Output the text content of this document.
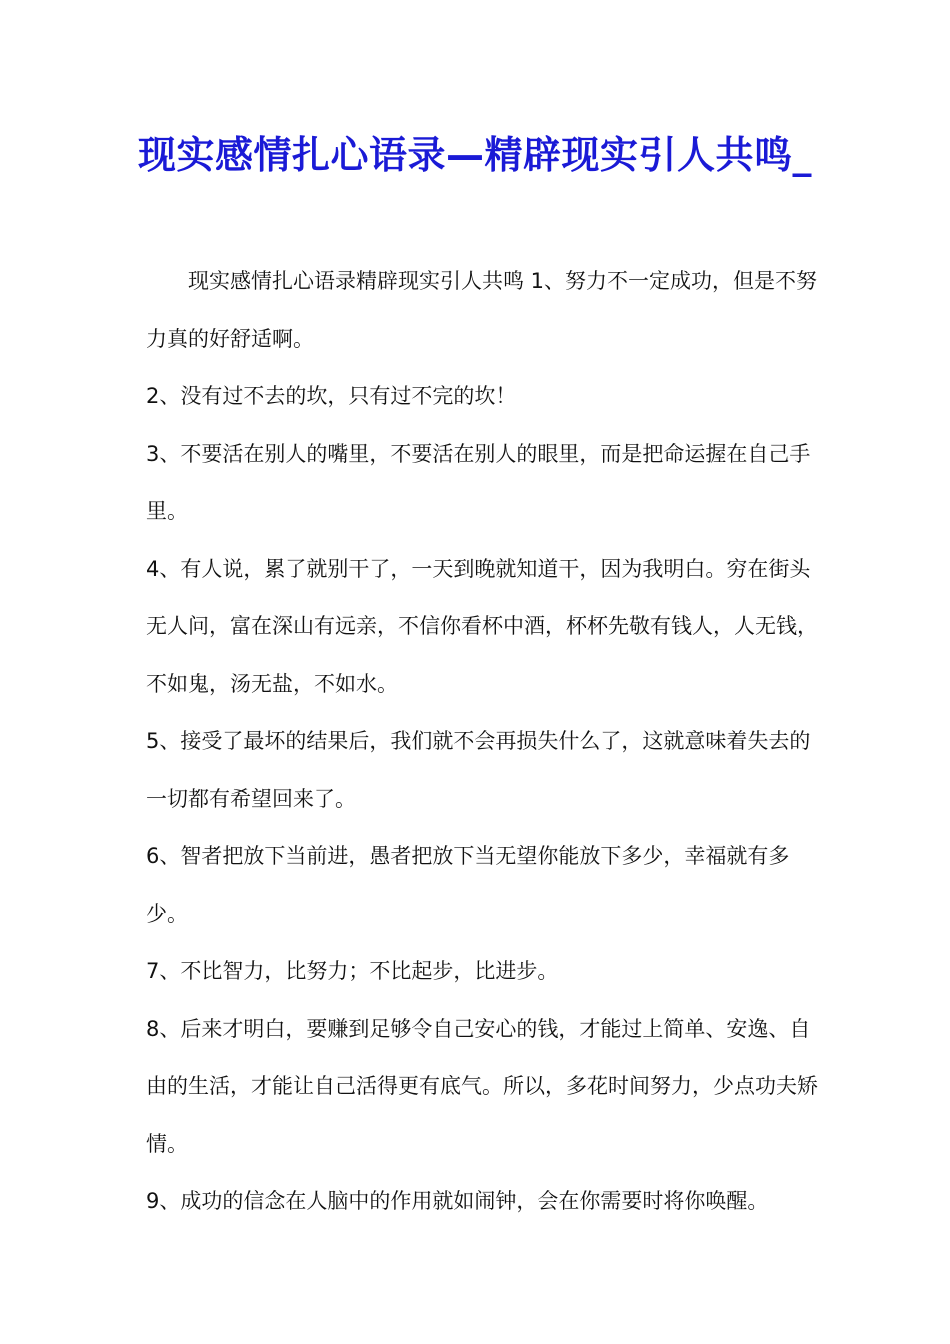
现实感情扎心语录—精辟现实引人共鸣_

现实感情扎心语录精辟现实引人共鸣 1、努力不一定成功，但是不努力真的好舒适啊。

2、没有过不去的坎，只有过不完的坎！

3、不要活在别人的嘴里，不要活在别人的眼里，而是把命运握在自己手里。

4、有人说，累了就别干了，一天到晚就知道干，因为我明白。穷在街头无人问，富在深山有远亲，不信你看杯中酒，杯杯先敬有钱人，人无钱，不如鬼，汤无盐，不如水。

5、接受了最坏的结果后，我们就不会再损失什么了，这就意味着失去的一切都有希望回来了。

6、智者把放下当前进，愚者把放下当无望你能放下多少，幸福就有多少。

7、不比智力，比努力；不比起步，比进步。

8、后来才明白，要赚到足够令自己安心的钱，才能过上简单、安逸、自由的生活，才能让自己活得更有底气。所以，多花时间努力，少点功夫矫情。

9、成功的信念在人脑中的作用就如闹钟，会在你需要时将你唤醒。
